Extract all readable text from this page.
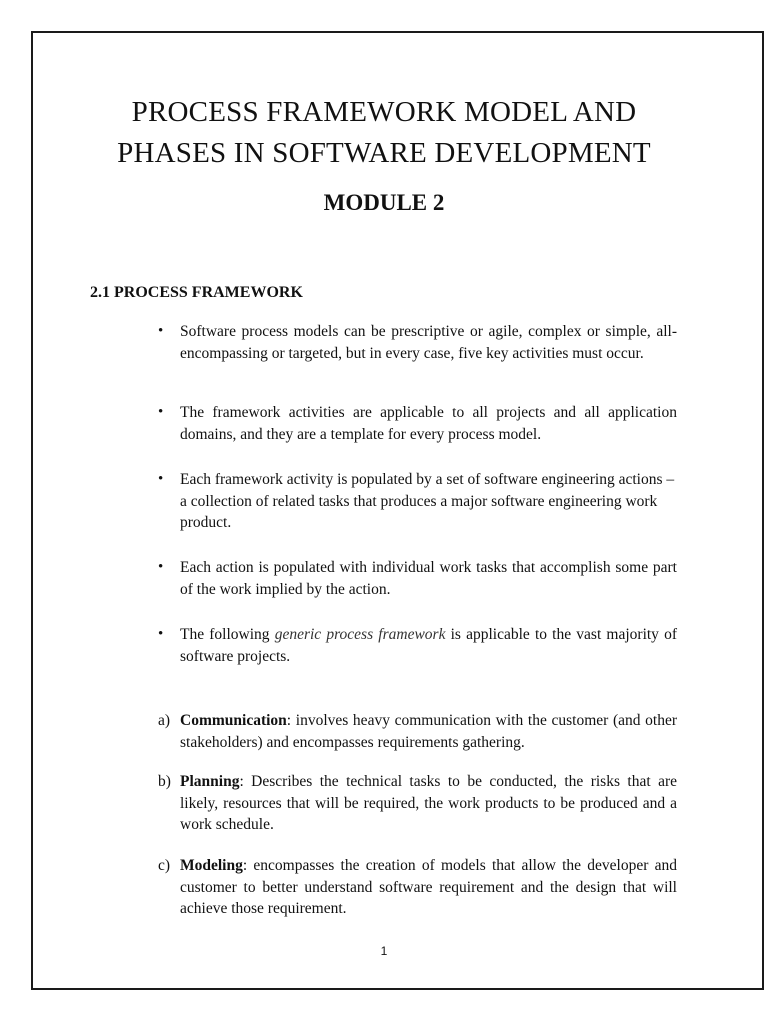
PROCESS FRAMEWORK MODEL AND
PHASES IN SOFTWARE DEVELOPMENT
MODULE 2
2.1 PROCESS FRAMEWORK

• Software process models can be prescriptive or agile, complex or simple, all-encompassing or targeted, but in every case, five key activities must occur.

• The framework activities are applicable to all projects and all application domains, and they are a template for every process model.

• Each framework activity is populated by a set of software engineering actions – a collection of related tasks that produces a major software engineering work product.

• Each action is populated with individual work tasks that accomplish some part of the work implied by the action.

• The following generic process framework is applicable to the vast majority of software projects.

a) Communication: involves heavy communication with the customer (and other stakeholders) and encompasses requirements gathering.

b) Planning: Describes the technical tasks to be conducted, the risks that are likely, resources that will be required, the work products to be produced and a work schedule.

c) Modeling: encompasses the creation of models that allow the developer and customer to better understand software requirement and the design that will achieve those requirement.

1
